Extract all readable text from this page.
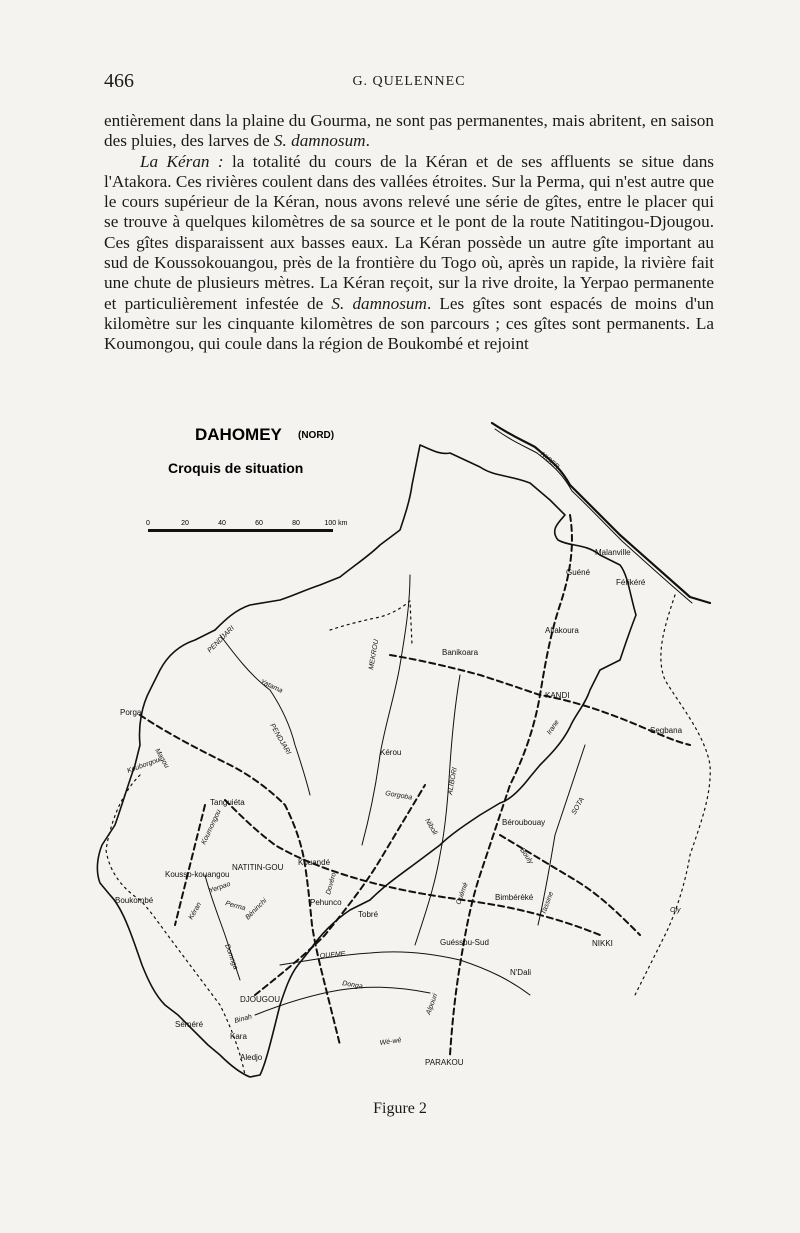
466	G. QUELENNEC

entièrement dans la plaine du Gourma, ne sont pas permanentes, mais abritent, en saison des pluies, des larves de S. damnosum.

La Kéran : la totalité du cours de la Kéran et de ses affluents se situe dans l'Atakora. Ces rivières coulent dans des vallées étroites. Sur la Perma, qui n'est autre que le cours supérieur de la Kéran, nous avons relevé une série de gîtes, entre le placer qui se trouve à quelques kilomètres de sa source et le pont de la route Natitingou-Djougou. Ces gîtes disparaissent aux basses eaux. La Kéran possède un autre gîte important au sud de Koussokouangou, près de la frontière du Togo où, après un rapide, la rivière fait une chute de plusieurs mètres. La Kéran reçoit, sur la rive droite, la Yerpao permanente et particulièrement infestée de S. damnosum. Les gîtes sont espacés de moins d'un kilomètre sur les cinquante kilomètres de son parcours ; ces gîtes sont permanents. La Koumongou, qui coule dans la région de Boukombé et rejoint

DAHOMEY (NORD)
Croquis de situation
0	20	40	60	80	100 km
Malanville
Guéné
Férikéré
Alfakoura
Banikoara
KANDI
Segbana
Porga
Kérou
Tanguiéta
Béroubouay
Kouandé
Kousso-kouangou
NATITIN-GOU
Boukombé	Pehunco
Bimbérèké
Tobré
Guéssou-Sud	NIKKI
N'Dali
DJOUGOU
Séméré
Kara
Aledjo
PARAKOU
NIGER
PENDJARI
Yatama
PENDJARI
Magou
Kouborgou
Koumongou
MEKROU
ALIBORI
Irane
SOTA
Gorgoba
Niboli
Bouly
Tassine	Oly
Kéran
Yerpao
Perma
Béninchi
Domnga	OUEME
Donga
Dovéro
Binah
Wé-wé
Alpouri
Ouémé
Figure 2
